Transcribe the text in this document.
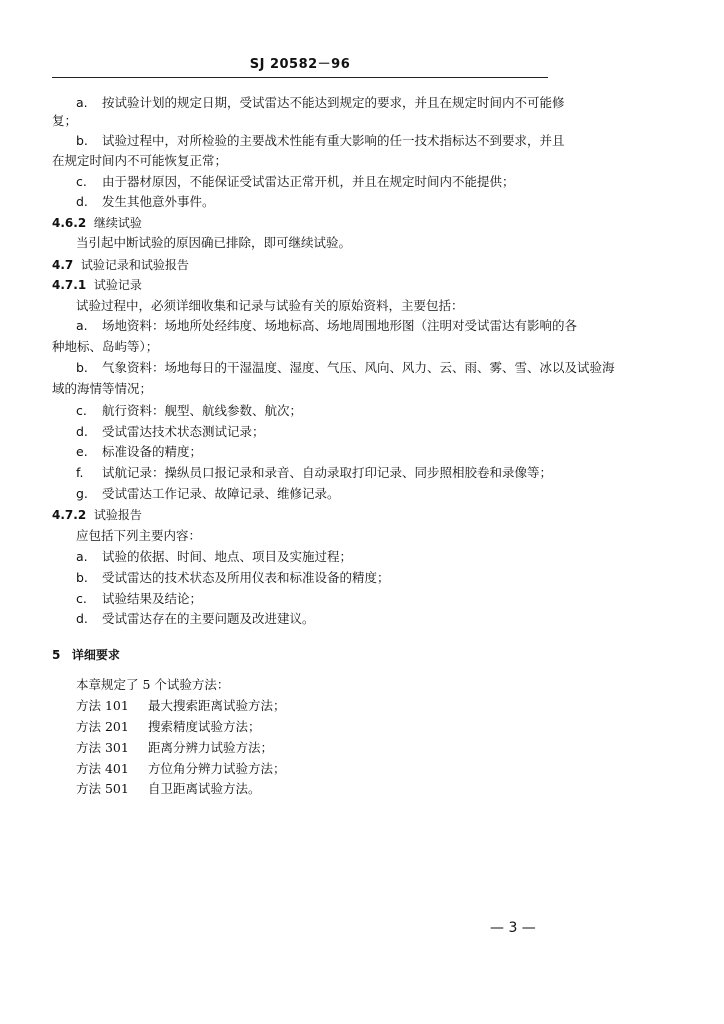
SJ 20582－96
a. 按试验计划的规定日期，受试雷达不能达到规定的要求，并且在规定时间内不可能修
复；
b. 试验过程中，对所检验的主要战术性能有重大影响的任一技术指标达不到要求，并且
在规定时间内不可能恢复正常；
c. 由于器材原因，不能保证受试雷达正常开机，并且在规定时间内不能提供；
d. 发生其他意外事件。
4.6.2 继续试验
当引起中断试验的原因确已排除，即可继续试验。
4.7 试验记录和试验报告
4.7.1 试验记录
试验过程中，必须详细收集和记录与试验有关的原始资料，主要包括：
a. 场地资料：场地所处经纬度、场地标高、场地周围地形图（注明对受试雷达有影响的各
种地标、岛屿等）；
b. 气象资料：场地每日的干湿温度、湿度、气压、风向、风力、云、雨、雾、雪、冰以及试验海
域的海情等情况；
c. 航行资料：舰型、航线参数、航次；
d. 受试雷达技术状态测试记录；
e. 标准设备的精度；
f. 试航记录：操纵员口报记录和录音、自动录取打印记录、同步照相胶卷和录像等；
g. 受试雷达工作记录、故障记录、维修记录。
4.7.2 试验报告
应包括下列主要内容：
a. 试验的依据、时间、地点、项目及实施过程；
b. 受试雷达的技术状态及所用仪表和标准设备的精度；
c. 试验结果及结论；
d. 受试雷达存在的主要问题及改进建议。
5 详细要求
本章规定了 5 个试验方法：
方法 101 最大搜索距离试验方法；
方法 201 搜索精度试验方法；
方法 301 距离分辨力试验方法；
方法 401 方位角分辨力试验方法；
方法 501 自卫距离试验方法。
— 3 —
